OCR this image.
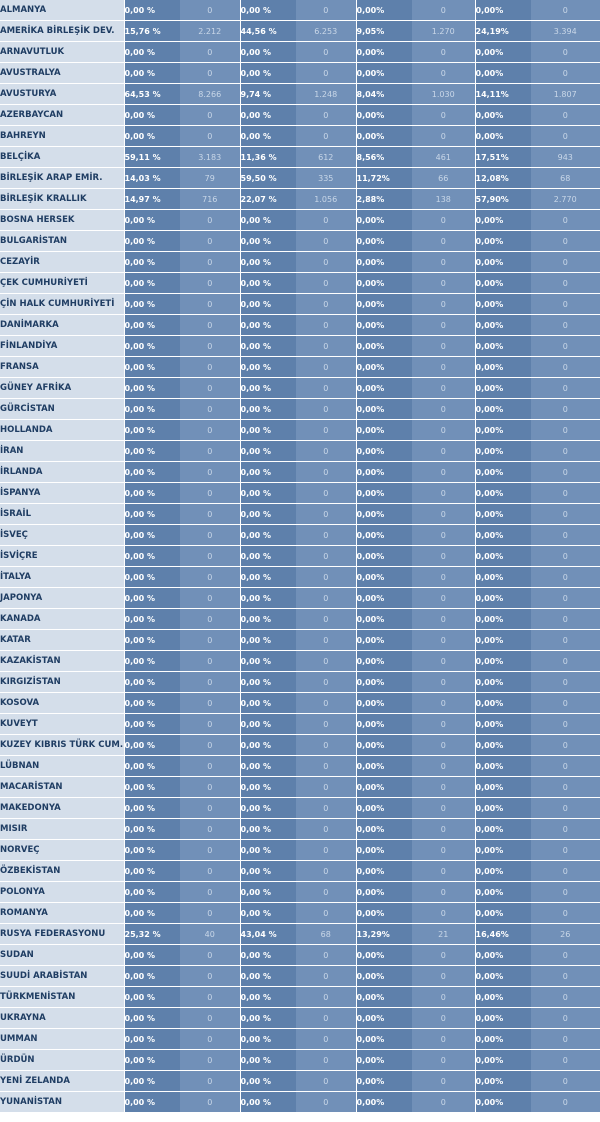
ALMANYA	0,00 %	0	0,00 %	0	0,00%	0	0,00%	0
AMERİKA BİRLEŞİK DEV.	15,76 %	2.212	44,56 %	6.253	9,05%	1.270	24,19%	3.394
ARNAVUTLUK	0,00 %	0	0,00 %	0	0,00%	0	0,00%	0
AVUSTRALYA	0,00 %	0	0,00 %	0	0,00%	0	0,00%	0
AVUSTURYA	64,53 %	8.266	9,74 %	1.248	8,04%	1.030	14,11%	1.807
AZERBAYCAN	0,00 %	0	0,00 %	0	0,00%	0	0,00%	0
BAHREYN	0,00 %	0	0,00 %	0	0,00%	0	0,00%	0
BELÇİKA	59,11 %	3.183	11,36 %	612	8,56%	461	17,51%	943
BİRLEŞİK ARAP EMİR.	14,03 %	79	59,50 %	335	11,72%	66	12,08%	68
BİRLEŞİK KRALLIK	14,97 %	716	22,07 %	1.056	2,88%	138	57,90%	2.770
BOSNA HERSEK	0,00 %	0	0,00 %	0	0,00%	0	0,00%	0
BULGARİSTAN	0,00 %	0	0,00 %	0	0,00%	0	0,00%	0
CEZAYİR	0,00 %	0	0,00 %	0	0,00%	0	0,00%	0
ÇEK CUMHURİYETİ	0,00 %	0	0,00 %	0	0,00%	0	0,00%	0
ÇİN HALK CUMHURİYETİ	0,00 %	0	0,00 %	0	0,00%	0	0,00%	0
DANİMARKA	0,00 %	0	0,00 %	0	0,00%	0	0,00%	0
FİNLANDİYA	0,00 %	0	0,00 %	0	0,00%	0	0,00%	0
FRANSA	0,00 %	0	0,00 %	0	0,00%	0	0,00%	0
GÜNEY AFRİKA	0,00 %	0	0,00 %	0	0,00%	0	0,00%	0
GÜRCİSTAN	0,00 %	0	0,00 %	0	0,00%	0	0,00%	0
HOLLANDA	0,00 %	0	0,00 %	0	0,00%	0	0,00%	0
İRAN	0,00 %	0	0,00 %	0	0,00%	0	0,00%	0
İRLANDA	0,00 %	0	0,00 %	0	0,00%	0	0,00%	0
İSPANYA	0,00 %	0	0,00 %	0	0,00%	0	0,00%	0
İSRAİL	0,00 %	0	0,00 %	0	0,00%	0	0,00%	0
İSVEÇ	0,00 %	0	0,00 %	0	0,00%	0	0,00%	0
İSVİÇRE	0,00 %	0	0,00 %	0	0,00%	0	0,00%	0
İTALYA	0,00 %	0	0,00 %	0	0,00%	0	0,00%	0
JAPONYA	0,00 %	0	0,00 %	0	0,00%	0	0,00%	0
KANADA	0,00 %	0	0,00 %	0	0,00%	0	0,00%	0
KATAR	0,00 %	0	0,00 %	0	0,00%	0	0,00%	0
KAZAKİSTAN	0,00 %	0	0,00 %	0	0,00%	0	0,00%	0
KIRGIZİSTAN	0,00 %	0	0,00 %	0	0,00%	0	0,00%	0
KOSOVA	0,00 %	0	0,00 %	0	0,00%	0	0,00%	0
KUVEYT	0,00 %	0	0,00 %	0	0,00%	0	0,00%	0
KUZEY KIBRIS TÜRK CUM.	0,00 %	0	0,00 %	0	0,00%	0	0,00%	0
LÜBNAN	0,00 %	0	0,00 %	0	0,00%	0	0,00%	0
MACARİSTAN	0,00 %	0	0,00 %	0	0,00%	0	0,00%	0
MAKEDONYA	0,00 %	0	0,00 %	0	0,00%	0	0,00%	0
MISIR	0,00 %	0	0,00 %	0	0,00%	0	0,00%	0
NORVEÇ	0,00 %	0	0,00 %	0	0,00%	0	0,00%	0
ÖZBEKİSTAN	0,00 %	0	0,00 %	0	0,00%	0	0,00%	0
POLONYA	0,00 %	0	0,00 %	0	0,00%	0	0,00%	0
ROMANYA	0,00 %	0	0,00 %	0	0,00%	0	0,00%	0
RUSYA FEDERASYONU	25,32 %	40	43,04 %	68	13,29%	21	16,46%	26
SUDAN	0,00 %	0	0,00 %	0	0,00%	0	0,00%	0
SUUDİ ARABİSTAN	0,00 %	0	0,00 %	0	0,00%	0	0,00%	0
TÜRKMENİSTAN	0,00 %	0	0,00 %	0	0,00%	0	0,00%	0
UKRAYNA	0,00 %	0	0,00 %	0	0,00%	0	0,00%	0
UMMAN	0,00 %	0	0,00 %	0	0,00%	0	0,00%	0
ÜRDÜN	0,00 %	0	0,00 %	0	0,00%	0	0,00%	0
YENİ ZELANDA	0,00 %	0	0,00 %	0	0,00%	0	0,00%	0
YUNANİSTAN	0,00 %	0	0,00 %	0	0,00%	0	0,00%	0
